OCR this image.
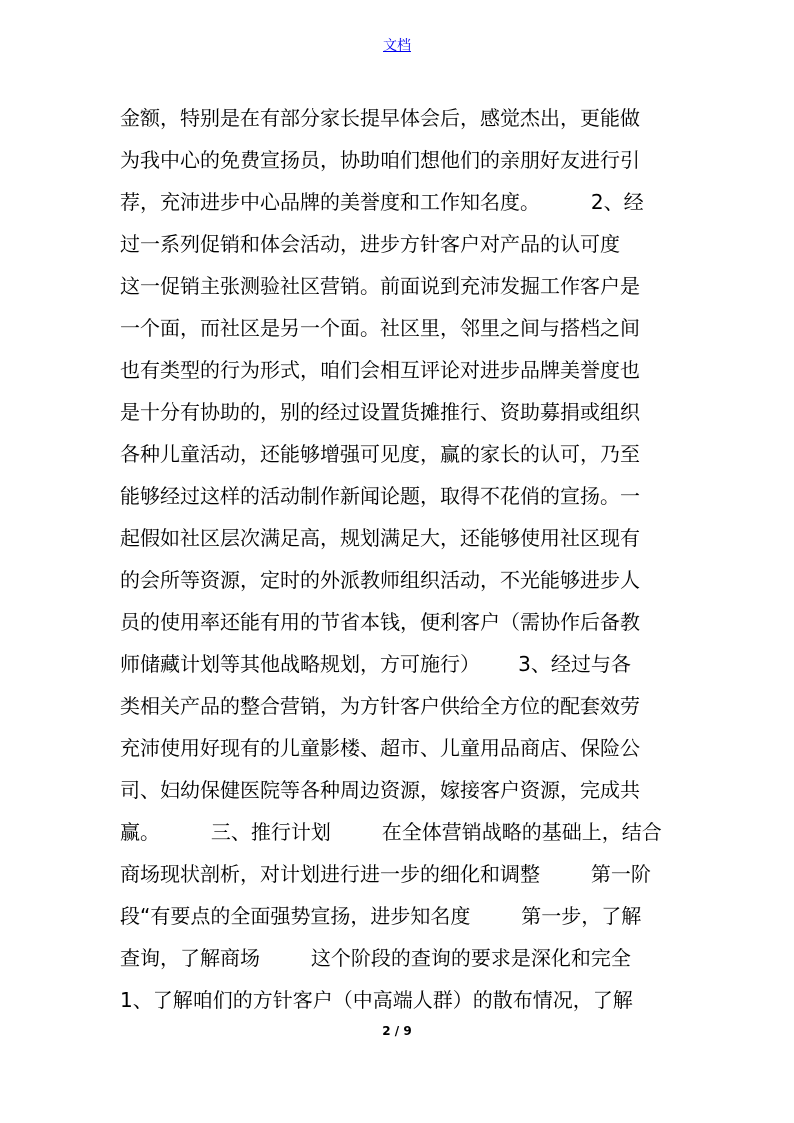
文档
金额，特别是在有部分家长提早体会后，感觉杰出，更能做
为我中心的免费宣扬员，协助咱们想他们的亲朋好友进行引
荐，充沛进步中心品牌的美誉度和工作知名度。        2、经
过一系列促销和体会活动，进步方针客户对产品的认可度
这一促销主张测验社区营销。前面说到充沛发掘工作客户是
一个面，而社区是另一个面。社区里，邻里之间与搭档之间
也有类型的行为形式，咱们会相互评论对进步品牌美誉度也
是十分有协助的，别的经过设置货摊推行、资助募捐或组织
各种儿童活动，还能够增强可见度，赢的家长的认可，乃至
能够经过这样的活动制作新闻论题，取得不花俏的宣扬。一
起假如社区层次满足高，规划满足大，还能够使用社区现有
的会所等资源，定时的外派教师组织活动，不光能够进步人
员的使用率还能有用的节省本钱，便利客户（需协作后备教
师储藏计划等其他战略规划，方可施行）      3、经过与各
类相关产品的整合营销，为方针客户供给全方位的配套效劳
充沛使用好现有的儿童影楼、超市、儿童用品商店、保险公
司、妇幼保健医院等各种周边资源，嫁接客户资源，完成共
赢。        三、推行计划        在全体营销战略的基础上，结合
商场现状剖析，对计划进行进一步的细化和调整        第一阶
段“有要点的全面强势宣扬，进步知名度        第一步，了解
查询，了解商场        这个阶段的查询的要求是深化和完全
1、了解咱们的方针客户（中高端人群）的散布情况，了解
2 / 9
